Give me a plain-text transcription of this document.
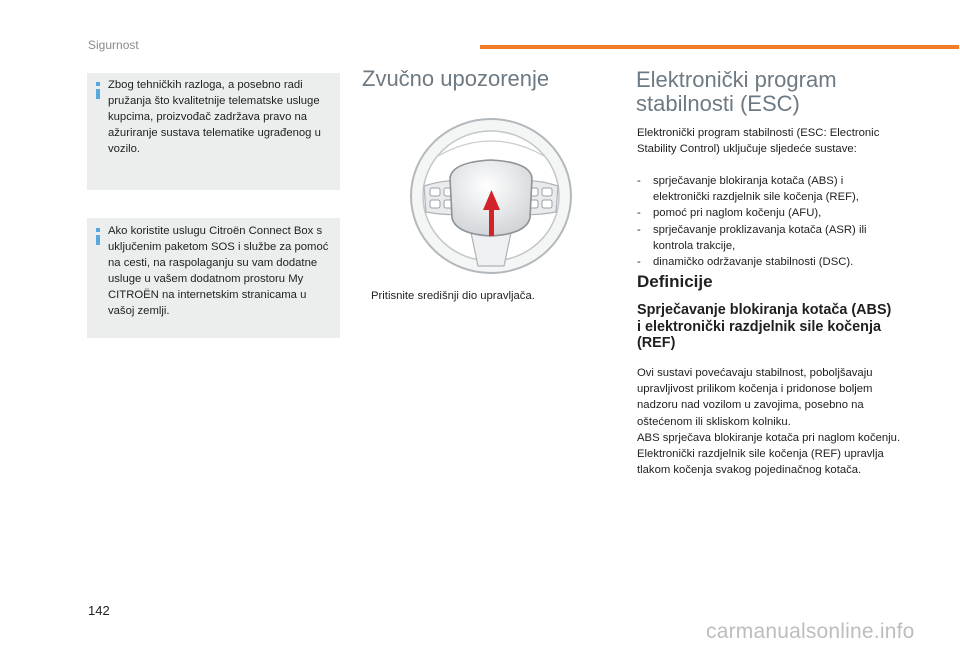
Sigurnost
Zbog tehničkih razloga, a posebno radi pružanja što kvalitetnije telematske usluge kupcima, proizvođač zadržava pravo na ažuriranje sustava telematike ugrađenog u vozilo.
Ako koristite uslugu Citroën Connect Box s uključenim paketom SOS i službe za pomoć na cesti, na raspolaganju su vam dodatne usluge u vašem dodatnom prostoru My CITROËN na internetskim stranicama u vašoj zemlji.
Zvučno upozorenje
Pritisnite središnji dio upravljača.
Elektronički program stabilnosti (ESC)

Elektronički program stabilnosti (ESC: Electronic Stability Control) uključuje sljedeće sustave:

- sprječavanje blokiranja kotača (ABS) i elektronički razdjelnik sile kočenja (REF),
- pomoć pri naglom kočenju (AFU),
- sprječavanje proklizavanja kotača (ASR) ili kontrola trakcije,
- dinamičko održavanje stabilnosti (DSC).
Definicije
Sprječavanje blokiranja kotača (ABS) i elektronički razdjelnik sile kočenja (REF)
Ovi sustavi povećavaju stabilnost, poboljšavaju upravljivost prilikom kočenja i pridonose boljem nadzoru nad vozilom u zavojima, posebno na oštećenom ili skliskom kolniku.
ABS sprječava blokiranje kotača pri naglom kočenju.
Elektronički razdjelnik sile kočenja (REF) upravlja tlakom kočenja svakog pojedinačnog kotača.
142
carmanualsonline.info
